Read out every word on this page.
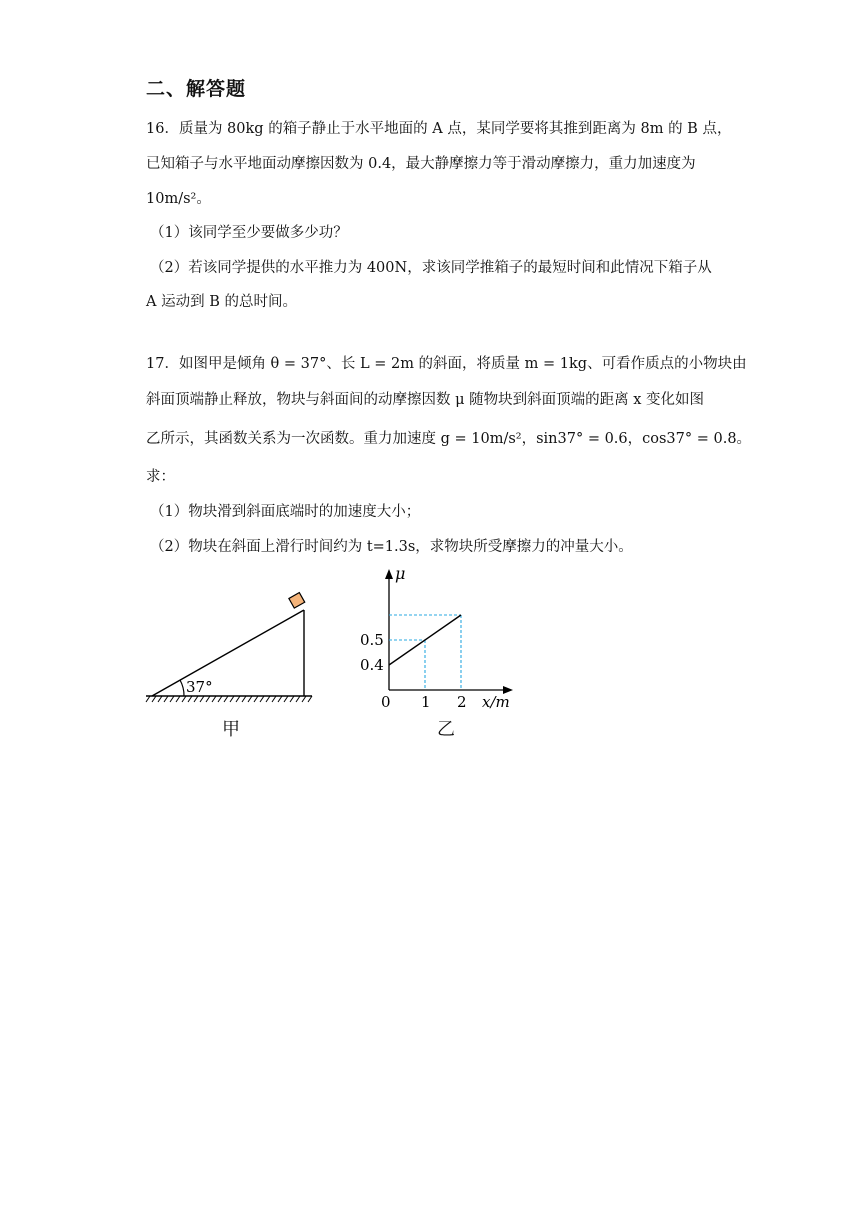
二、解答题
16．质量为 80kg 的箱子静止于水平地面的 A 点，某同学要将其推到距离为 8m 的 B 点，
已知箱子与水平地面动摩擦因数为 0.4，最大静摩擦力等于滑动摩擦力，重力加速度为
10m/s²。
（1）该同学至少要做多少功？
（2）若该同学提供的水平推力为 400N，求该同学推箱子的最短时间和此情况下箱子从
A 运动到 B 的总时间。
17．如图甲是倾角 θ = 37°、长 L = 2m 的斜面，将质量 m = 1kg、可看作质点的小物块由
斜面顶端静止释放，物块与斜面间的动摩擦因数 μ 随物块到斜面顶端的距离 x 变化如图
乙所示，其函数关系为一次函数。重力加速度 g = 10m/s²，sin37° = 0.6，cos37° = 0.8。
求：
（1）物块滑到斜面底端时的加速度大小；
（2）物块在斜面上滑行时间约为 t=1.3s，求物块所受摩擦力的冲量大小。
37°
甲
μ
x/m
0 1 2
0.4
0.5
乙
